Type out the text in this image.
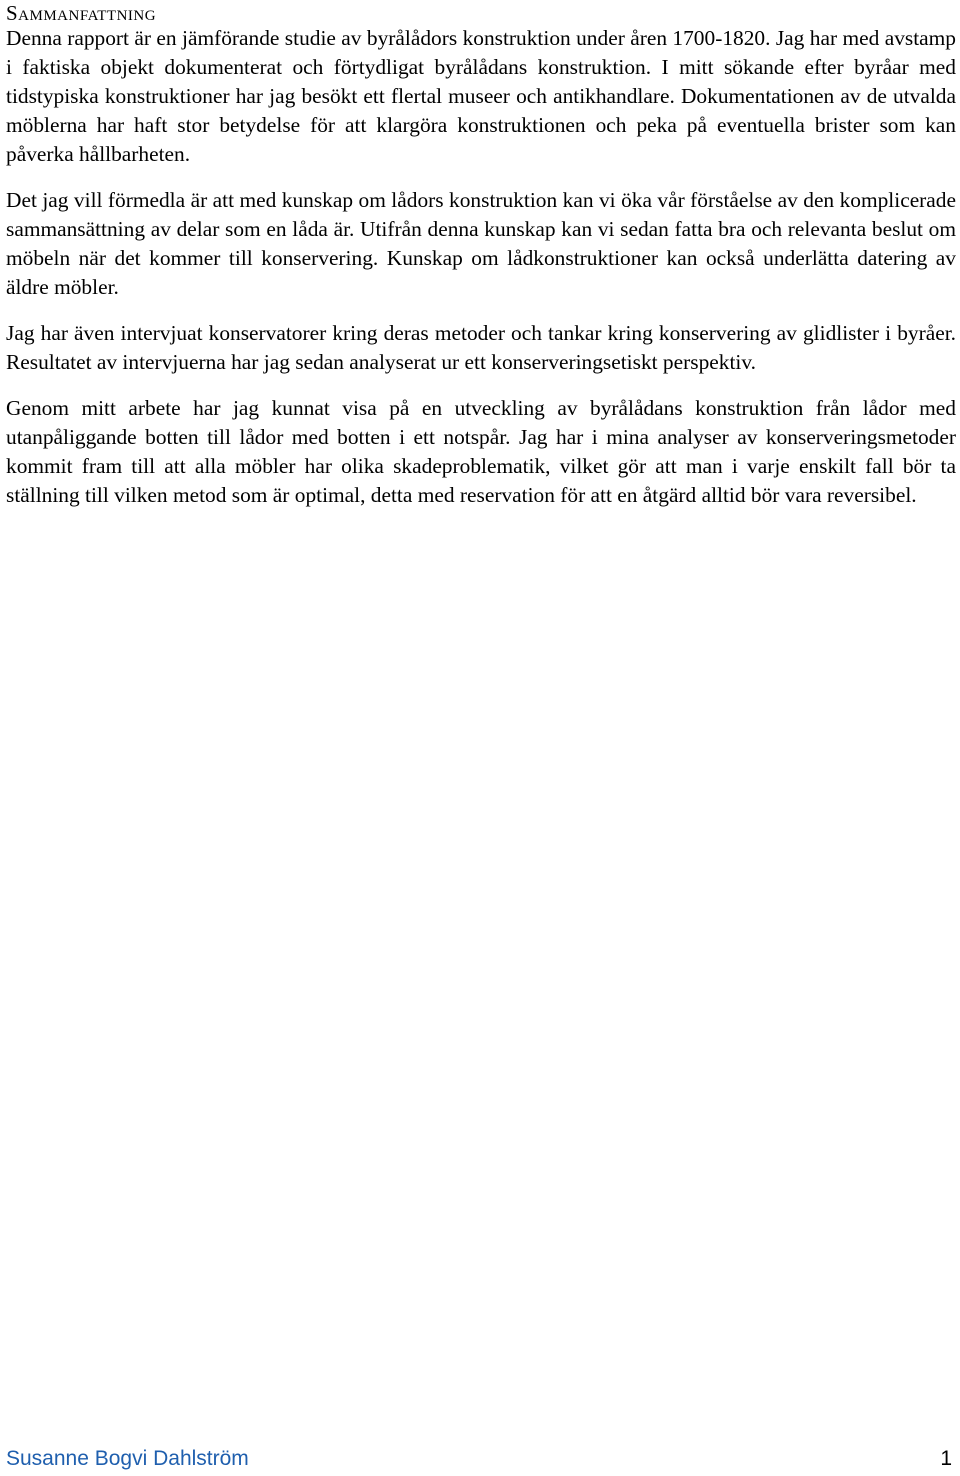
Sammanfattning

Denna rapport är en jämförande studie av byrålådors konstruktion under åren 1700-1820. Jag har med avstamp i faktiska objekt dokumenterat och förtydligat byrålådans konstruktion. I mitt sökande efter byråar med tidstypiska konstruktioner har jag besökt ett flertal museer och antikhandlare. Dokumentationen av de utvalda möblerna har haft stor betydelse för att klargöra konstruktionen och peka på eventuella brister som kan påverka hållbarheten.

Det jag vill förmedla är att med kunskap om lådors konstruktion kan vi öka vår förståelse av den komplicerade sammansättning av delar som en låda är. Utifrån denna kunskap kan vi sedan fatta bra och relevanta beslut om möbeln när det kommer till konservering. Kunskap om lådkonstruktioner kan också underlätta datering av äldre möbler.

Jag har även intervjuat konservatorer kring deras metoder och tankar kring konservering av glidlister i byråer. Resultatet av intervjuerna har jag sedan analyserat ur ett konserveringsetiskt perspektiv.

Genom mitt arbete har jag kunnat visa på en utveckling av byrålådans konstruktion från lådor med utanpåliggande botten till lådor med botten i ett notspår. Jag har i mina analyser av konserveringsmetoder kommit fram till att alla möbler har olika skadeproblematik, vilket gör att man i varje enskilt fall bör ta ställning till vilken metod som är optimal, detta med reservation för att en åtgärd alltid bör vara reversibel.

Susanne Bogvi Dahlström	1
